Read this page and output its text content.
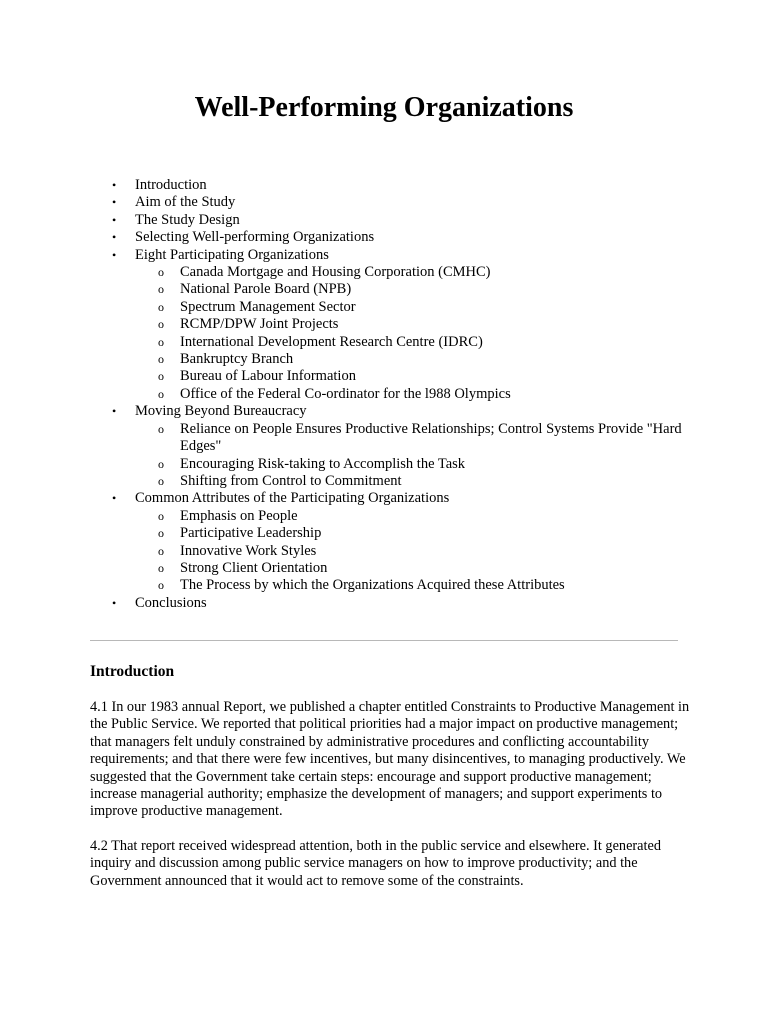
Well-Performing Organizations
• Introduction
• Aim of the Study
• The Study Design
• Selecting Well-performing Organizations
• Eight Participating Organizations
o Canada Mortgage and Housing Corporation (CMHC)
o National Parole Board (NPB)
o Spectrum Management Sector
o RCMP/DPW Joint Projects
o International Development Research Centre (IDRC)
o Bankruptcy Branch
o Bureau of Labour Information
o Office of the Federal Co-ordinator for the l988 Olympics
• Moving Beyond Bureaucracy
o Reliance on People Ensures Productive Relationships; Control Systems Provide "Hard Edges"
o Encouraging Risk-taking to Accomplish the Task
o Shifting from Control to Commitment
• Common Attributes of the Participating Organizations
o Emphasis on People
o Participative Leadership
o Innovative Work Styles
o Strong Client Orientation
o The Process by which the Organizations Acquired these Attributes
• Conclusions
Introduction

4.1 In our 1983 annual Report, we published a chapter entitled Constraints to Productive Management in the Public Service. We reported that political priorities had a major impact on productive management; that managers felt unduly constrained by administrative procedures and conflicting accountability requirements; and that there were few incentives, but many disincentives, to managing productively. We suggested that the Government take certain steps: encourage and support productive management; increase managerial authority; emphasize the development of managers; and support experiments to improve productive management.

4.2 That report received widespread attention, both in the public service and elsewhere. It generated inquiry and discussion among public service managers on how to improve productivity; and the Government announced that it would act to remove some of the constraints.
